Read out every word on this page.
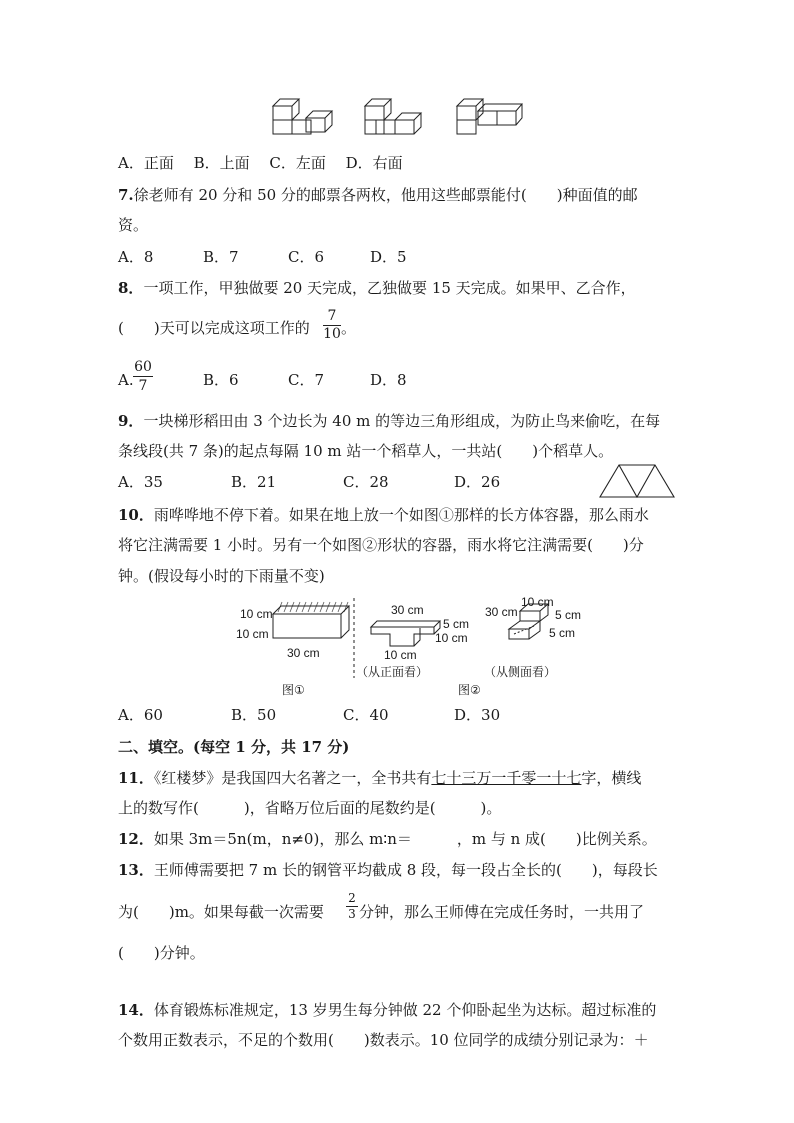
A．正面　 B．上面　 C．左面　 D．右面
7.徐老师有 20 分和 50 分的邮票各两枚，他用这些邮票能付(　　)种面值的邮
资。
A．8	B．7	C．6	D．5
8．一项工作，甲独做要 20 天完成，乙独做要 15 天完成。如果甲、乙合作，
(　　)天可以完成这项工作的 $\frac{7}{10}$ 。
A. $\frac{60}{7}$	B．6	C．7	D．8
9．一块梯形稻田由 3 个边长为 40 m 的等边三角形组成，为防止鸟来偷吃，在每
条线段(共 7 条)的起点每隔 10 m 站一个稻草人，一共站(　　)个稻草人。
A．35	B．21	C．28	D．26
10．雨哗哗地不停下着。如果在地上放一个如图①那样的长方体容器，那么雨水
将它注满需要 1 小时。另有一个如图②形状的容器，雨水将它注满需要(　　)分
钟。(假设每小时的下雨量不变)
10 cm
10 cm
30 cm
图①
30 cm
5 cm
10 cm
10 cm
（从正面看）
10 cm
30 cm	5 cm
5 cm
（从侧面看）
图②
A．60	B．50	C．40	D．30
二、填空。(每空 1 分，共 17 分)
11．《红楼梦》是我国四大名著之一，全书共有七十三万一千零一十七字，横线
上的数写作(　　　)，省略万位后面的尾数约是(　　　)。
12．如果 3m＝5n(m，n≠0)，那么 m∶n＝　　　，m 与 n 成(　　)比例关系。
13．王师傅需要把 7 m 长的钢管平均截成 8 段，每一段占全长的(　　)，每段长
为(　　)m。如果每截一次需要 $\frac{2}{3}$ 分钟，那么王师傅在完成任务时，一共用了
(　　)分钟。
14．体育锻炼标准规定，13 岁男生每分钟做 22 个仰卧起坐为达标。超过标准的
个数用正数表示，不足的个数用(　　)数表示。10 位同学的成绩分别记录为：＋
